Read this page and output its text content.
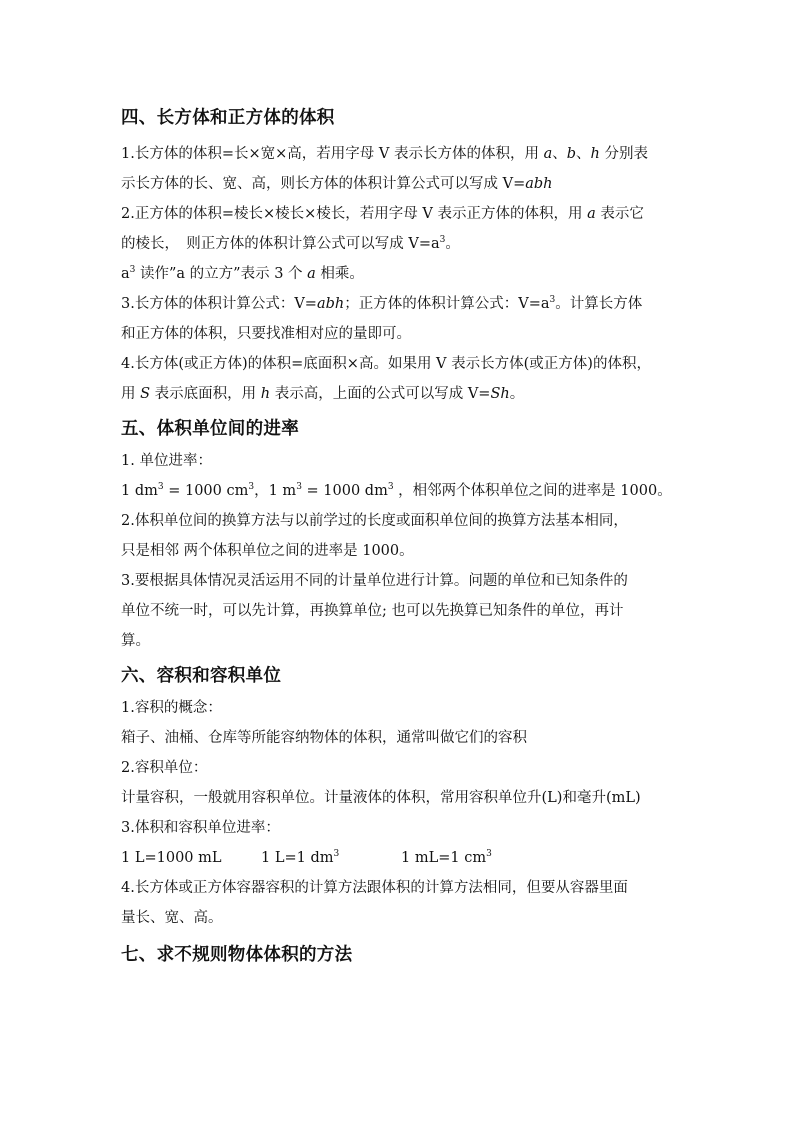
四、长方体和正方体的体积

1.长方体的体积=长×宽×高，若用字母 V 表示长方体的体积，用 a、b、h 分别表

示长方体的长、宽、高，则长方体的体积计算公式可以写成 V=abh

2.正方体的体积=棱长×棱长×棱长，若用字母 V 表示正方体的体积，用 a 表示它

的棱长，　则正方体的体积计算公式可以写成 $V=a^3$。

$a^3$ 读作”a 的立方”表示 3 个 a 相乘。

3.长方体的体积计算公式：V=abh；正方体的体积计算公式：$V=a^3$。计算长方体

和正方体的体积，只要找准相对应的量即可。

4.长方体(或正方体)的体积=底面积×高。如果用 V 表示长方体(或正方体)的体积，

用 S 表示底面积，用 h 表示高，上面的公式可以写成 V=Sh。

五、体积单位间的进率

1. 单位进率：

1 $dm^3 = 1000$ $cm^3$，1 $m^3 = 1000$ $dm^3$ ，相邻两个体积单位之间的进率是 1000。

2.体积单位间的换算方法与以前学过的长度或面积单位间的换算方法基本相同，

只是相邻 两个体积单位之间的进率是 1000。

3.要根据具体情况灵活运用不同的计量单位进行计算。问题的单位和已知条件的

单位不统一时，可以先计算，再换算单位; 也可以先换算已知条件的单位，再计

算。

六、容积和容积单位

1.容积的概念：

箱子、油桶、仓库等所能容纳物体的体积，通常叫做它们的容积

2.容积单位：

计量容积，一般就用容积单位。计量液体的体积，常用容积单位升(L)和毫升(mL)

3.体积和容积单位进率：

1 L=1000 mL	1 L=1 $dm^3$	1 mL=1 $cm^3$

4.长方体或正方体容器容积的计算方法跟体积的计算方法相同，但要从容器里面

量长、宽、高。

七、求不规则物体体积的方法
